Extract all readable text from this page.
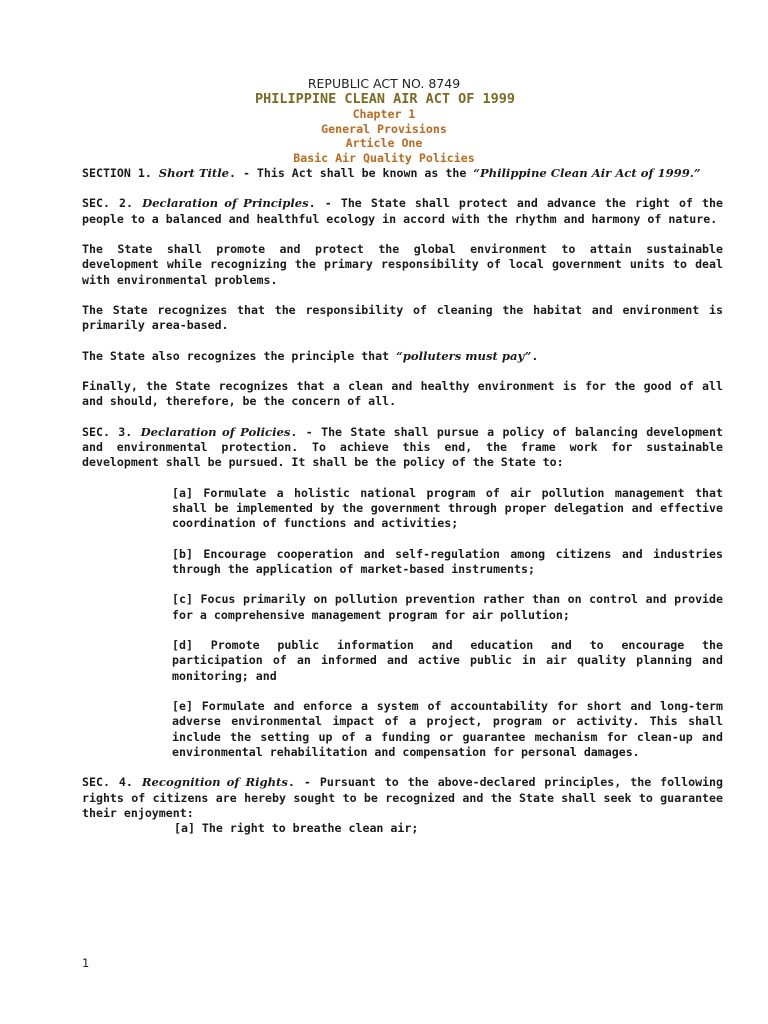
REPUBLIC ACT NO. 8749
PHILIPPINE CLEAN AIR ACT OF 1999
Chapter 1
General Provisions
Article One
Basic Air Quality Policies

SECTION 1. Short Title. - This Act shall be known as the “Philippine Clean Air Act of 1999.”

SEC. 2. Declaration of Principles. - The State shall protect and advance the right of the people to a balanced and healthful ecology in accord with the rhythm and harmony of nature.

The State shall promote and protect the global environment to attain sustainable development while recognizing the primary responsibility of local government units to deal with environmental problems.

The State recognizes that the responsibility of cleaning the habitat and environment is primarily area-based.

The State also recognizes the principle that “polluters must pay”.

Finally, the State recognizes that a clean and healthy environment is for the good of all and should, therefore, be the concern of all.

SEC. 3. Declaration of Policies. - The State shall pursue a policy of balancing development and environmental protection. To achieve this end, the frame work for sustainable development shall be pursued. It shall be the policy of the State to:

[a] Formulate a holistic national program of air pollution management that shall be implemented by the government through proper delegation and effective coordination of functions and activities;

[b] Encourage cooperation and self-regulation among citizens and industries through the application of market-based instruments;

[c] Focus primarily on pollution prevention rather than on control and provide for a comprehensive management program for air pollution;

[d] Promote public information and education and to encourage the participation of an informed and active public in air quality planning and monitoring; and

[e] Formulate and enforce a system of accountability for short and long-term adverse environmental impact of a project, program or activity. This shall include the setting up of a funding or guarantee mechanism for clean-up and environmental rehabilitation and compensation for personal damages.

SEC. 4. Recognition of Rights. - Pursuant to the above-declared principles, the following rights of citizens are hereby sought to be recognized and the State shall seek to guarantee their enjoyment:

[a] The right to breathe clean air;

1
